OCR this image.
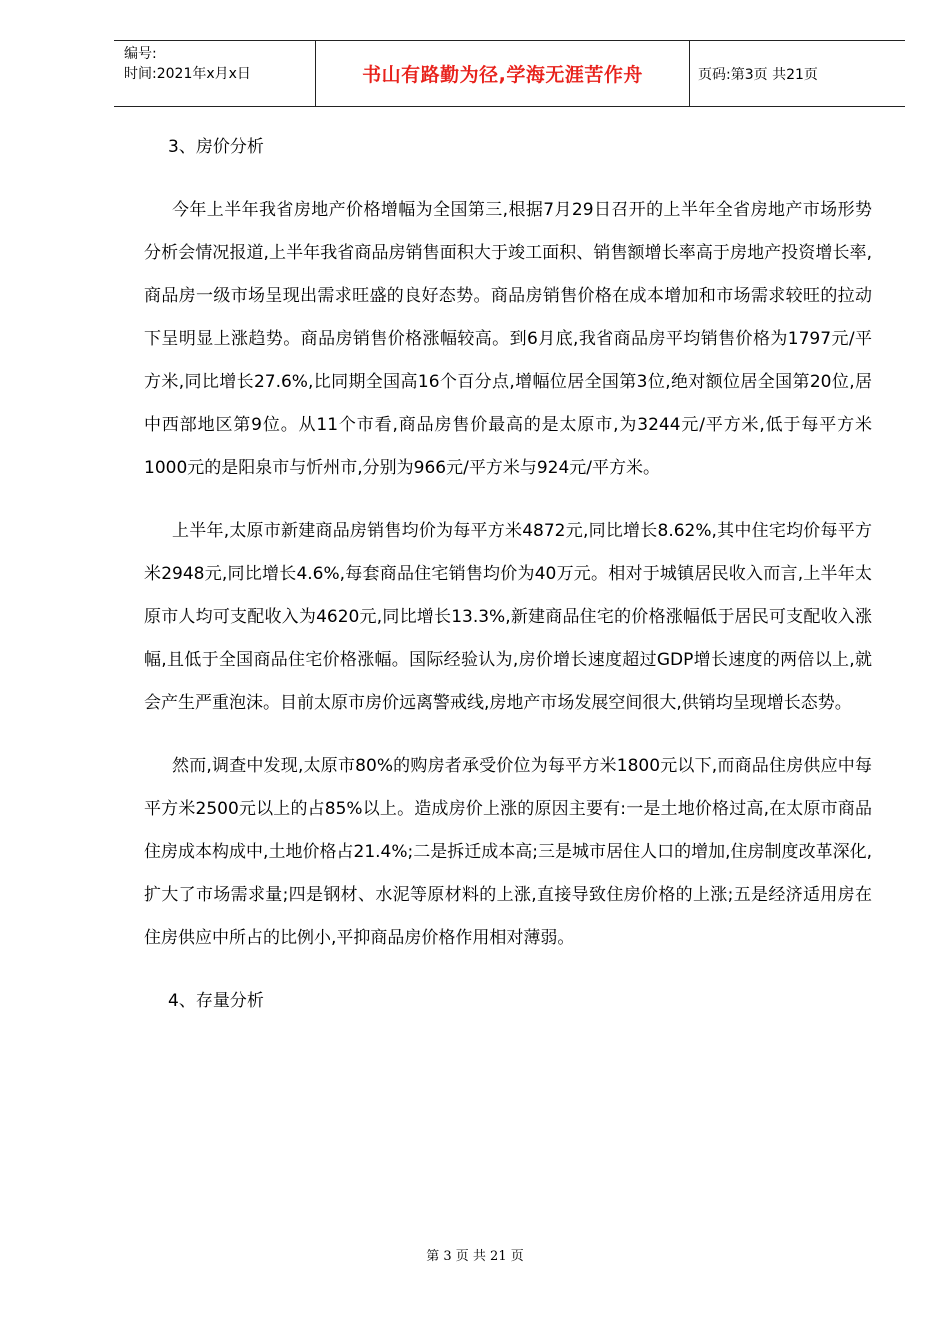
编号:
时间:2021年x月x日	书山有路勤为径,学海无涯苦作舟	页码:第3页 共21页

3、房价分析

今年上半年我省房地产价格增幅为全国第三,根据7月29日召开的上半年全省房地产市场形势分析会情况报道,上半年我省商品房销售面积大于竣工面积、销售额增长率高于房地产投资增长率,商品房一级市场呈现出需求旺盛的良好态势。商品房销售价格在成本增加和市场需求较旺的拉动下呈明显上涨趋势。商品房销售价格涨幅较高。到6月底,我省商品房平均销售价格为1797元/平方米,同比增长27.6%,比同期全国高16个百分点,增幅位居全国第3位,绝对额位居全国第20位,居中西部地区第9位。从11个市看,商品房售价最高的是太原市,为3244元/平方米,低于每平方米1000元的是阳泉市与忻州市,分别为966元/平方米与924元/平方米。

上半年,太原市新建商品房销售均价为每平方米4872元,同比增长8.62%,其中住宅均价每平方米2948元,同比增长4.6%,每套商品住宅销售均价为40万元。相对于城镇居民收入而言,上半年太原市人均可支配收入为4620元,同比增长13.3%,新建商品住宅的价格涨幅低于居民可支配收入涨幅,且低于全国商品住宅价格涨幅。国际经验认为,房价增长速度超过GDP增长速度的两倍以上,就会产生严重泡沫。目前太原市房价远离警戒线,房地产市场发展空间很大,供销均呈现增长态势。

然而,调查中发现,太原市80%的购房者承受价位为每平方米1800元以下,而商品住房供应中每平方米2500元以上的占85%以上。造成房价上涨的原因主要有:一是土地价格过高,在太原市商品住房成本构成中,土地价格占21.4%;二是拆迁成本高;三是城市居住人口的增加,住房制度改革深化,扩大了市场需求量;四是钢材、水泥等原材料的上涨,直接导致住房价格的上涨;五是经济适用房在住房供应中所占的比例小,平抑商品房价格作用相对薄弱。

4、存量分析

第 3 页 共 21 页
